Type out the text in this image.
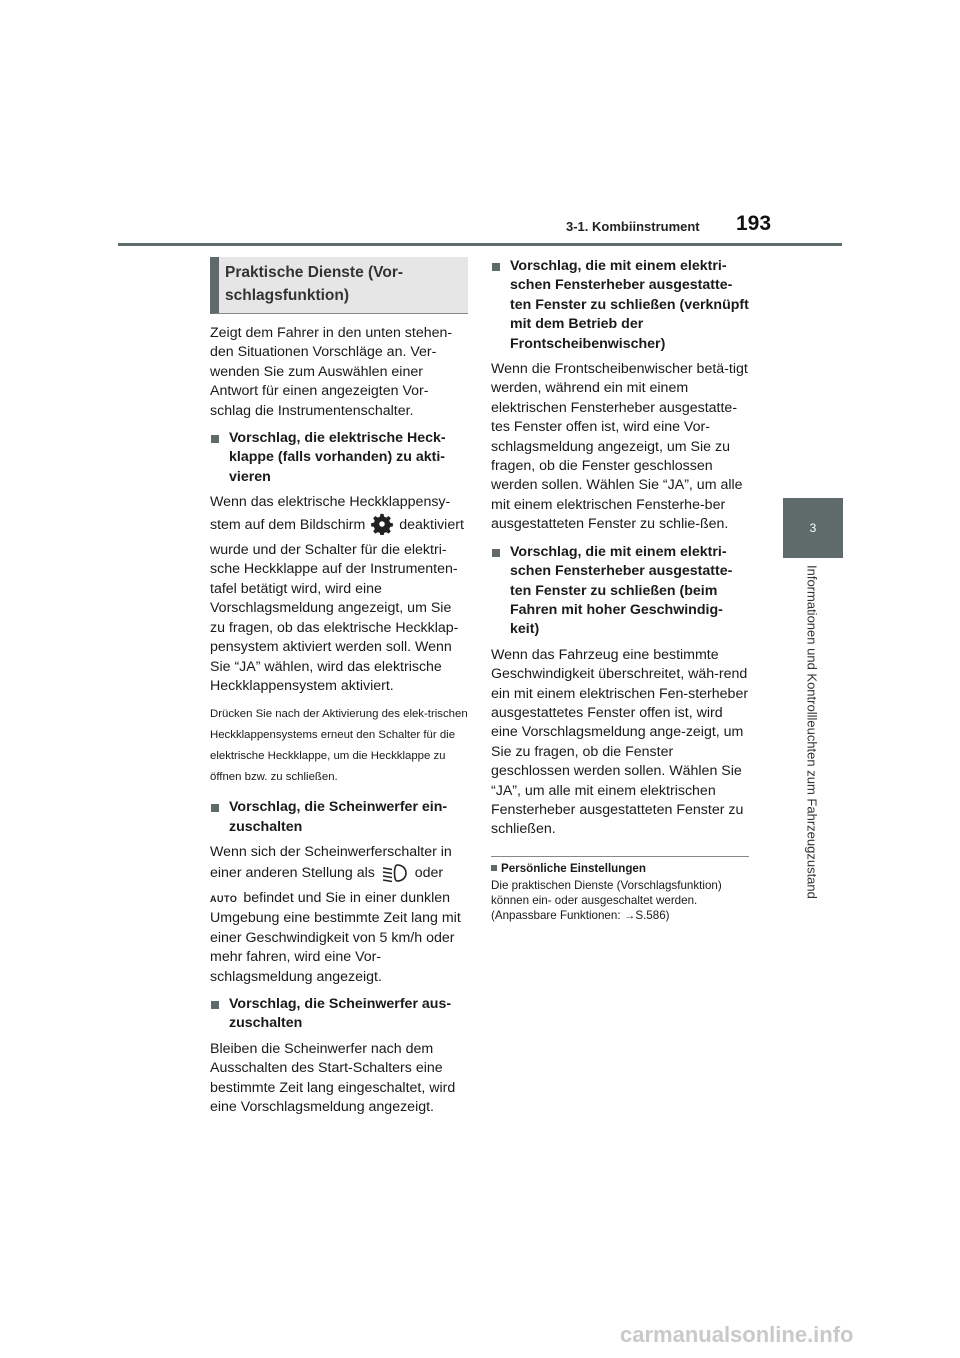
3-1. Kombiinstrument 193
3
Informationen und Kontrollleuchten zum Fahrzeugzustand
Praktische Dienste (Vor-schlagsfunktion)

Zeigt dem Fahrer in den unten stehen-den Situationen Vorschläge an. Ver-wenden Sie zum Auswählen einer Antwort für einen angezeigten Vor-schlag die Instrumentenschalter.

Vorschlag, die elektrische Heck-klappe (falls vorhanden) zu akti-vieren

Wenn das elektrische Heckklappensy-stem auf dem Bildschirm deaktiviert wurde und der Schalter für die elektri-sche Heckklappe auf der Instrumenten-tafel betätigt wird, wird eine Vorschlagsmeldung angezeigt, um Sie zu fragen, ob das elektrische Heckklap-pensystem aktiviert werden soll. Wenn Sie “JA” wählen, wird das elektrische Heckklappensystem aktiviert.

Drücken Sie nach der Aktivierung des elek-trischen Heckklappensystems erneut den Schalter für die elektrische Heckklappe, um die Heckklappe zu öffnen bzw. zu schließen.
Vorschlag, die Scheinwerfer ein-zuschalten

Wenn sich der Scheinwerferschalter in einer anderen Stellung als	oder
AUTO befindet und Sie in einer dunklen Umgebung eine bestimmte Zeit lang mit einer Geschwindigkeit von 5 km/h oder mehr fahren, wird eine Vor-schlagsmeldung angezeigt.

Vorschlag, die Scheinwerfer aus-zuschalten

Bleiben die Scheinwerfer nach dem Ausschalten des Start-Schalters eine bestimmte Zeit lang eingeschaltet, wird eine Vorschlagsmeldung angezeigt.

Vorschlag, die mit einem elektri-schen Fensterheber ausgestatte-ten Fenster zu schließen (verknüpft mit dem Betrieb der Frontscheibenwischer)

Wenn die Frontscheibenwischer betä-tigt werden, während ein mit einem elektrischen Fensterheber ausgestatte-tes Fenster offen ist, wird eine Vor-schlagsmeldung angezeigt, um Sie zu fragen, ob die Fenster geschlossen werden sollen. Wählen Sie “JA”, um alle mit einem elektrischen Fensterhe-ber ausgestatteten Fenster zu schlie-ßen.

Vorschlag, die mit einem elektri-schen Fensterheber ausgestatte-ten Fenster zu schließen (beim Fahren mit hoher Geschwindig-keit)

Wenn das Fahrzeug eine bestimmte Geschwindigkeit überschreitet, wäh-rend ein mit einem elektrischen Fen-sterheber ausgestattetes Fenster offen ist, wird eine Vorschlagsmeldung ange-zeigt, um Sie zu fragen, ob die Fenster geschlossen werden sollen. Wählen Sie “JA”, um alle mit einem elektrischen Fensterheber ausgestatteten Fenster zu schließen.

Persönliche Einstellungen
Die praktischen Dienste (Vorschlagsfunktion) können ein- oder ausgeschaltet werden. (Anpassbare Funktionen: →S.586)
carmanualsonline.info
